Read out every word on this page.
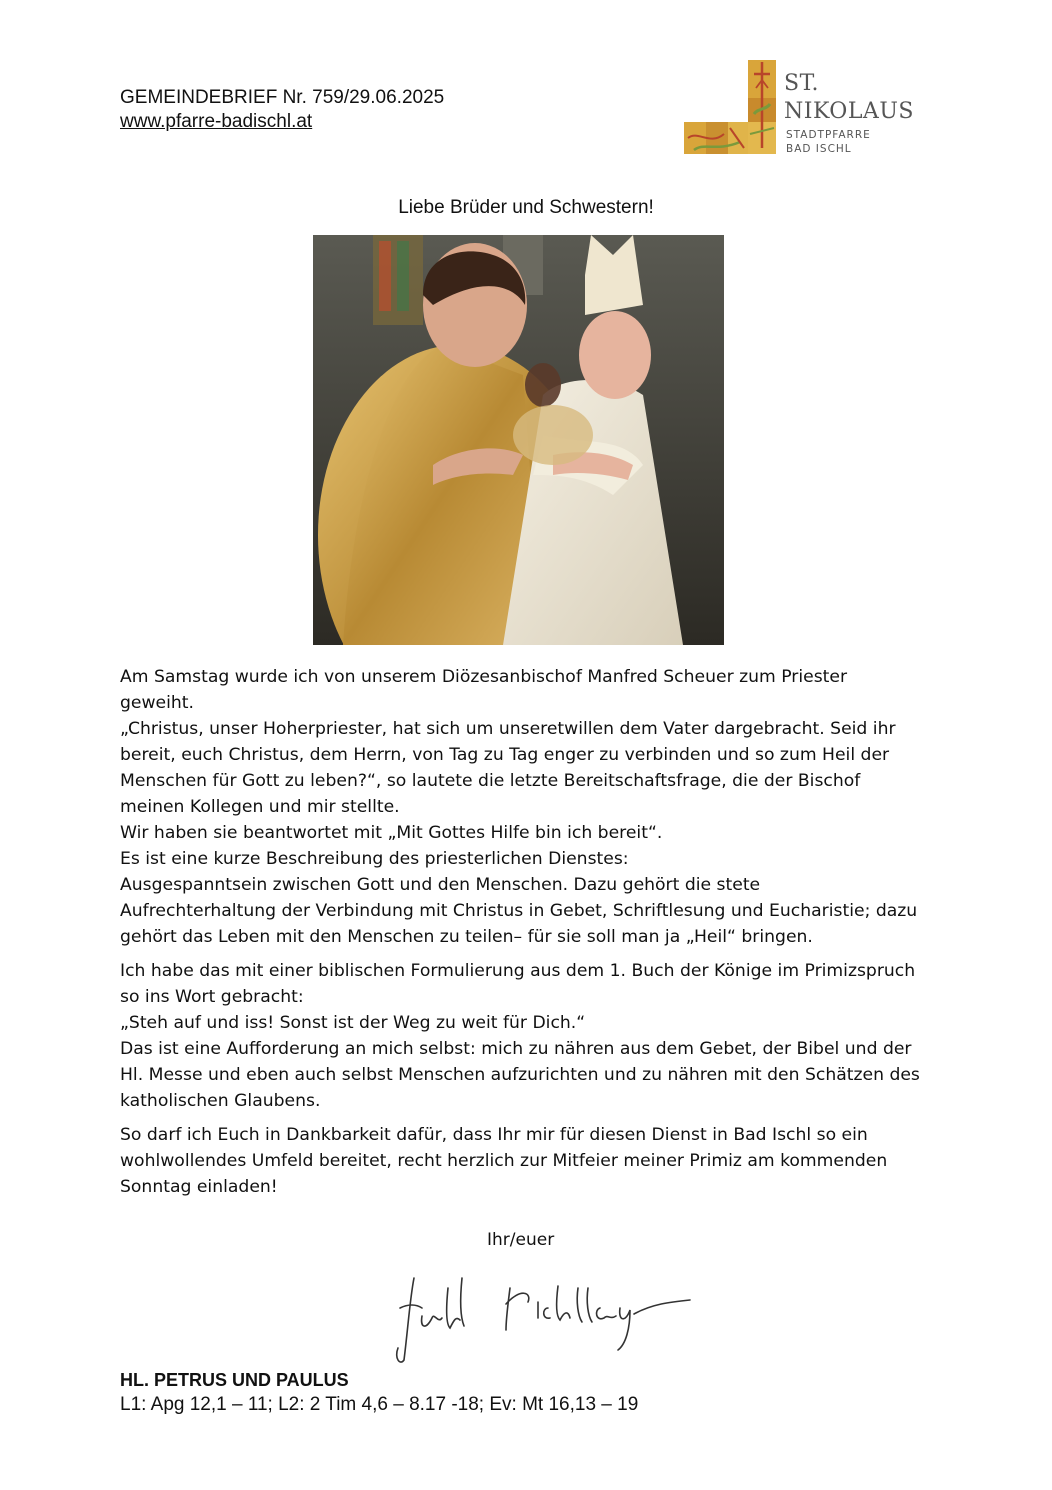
GEMEINDEBRIEF Nr. 759/29.06.2025
www.pfarre-badischl.at
ST.
NIKOLAUS
STADTPFARRE
BAD ISCHL
Liebe Brüder und Schwestern!

Am Samstag wurde ich von unserem Diözesanbischof Manfred Scheuer zum Priester
geweiht.
„Christus, unser Hoherpriester, hat sich um unseretwillen dem Vater dargebracht. Seid ihr
bereit, euch Christus, dem Herrn, von Tag zu Tag enger zu verbinden und so zum Heil der
Menschen für Gott zu leben?“, so lautete die letzte Bereitschaftsfrage, die der Bischof
meinen Kollegen und mir stellte.
Wir haben sie beantwortet mit „Mit Gottes Hilfe bin ich bereit“.
Es ist eine kurze Beschreibung des priesterlichen Dienstes:
Ausgespanntsein zwischen Gott und den Menschen. Dazu gehört die stete
Aufrechterhaltung der Verbindung mit Christus in Gebet, Schriftlesung und Eucharistie; dazu
gehört das Leben mit den Menschen zu teilen– für sie soll man ja „Heil“ bringen.

Ich habe das mit einer biblischen Formulierung aus dem 1. Buch der Könige im Primizspruch
so ins Wort gebracht:
„Steh auf und iss! Sonst ist der Weg zu weit für Dich.“
Das ist eine Aufforderung an mich selbst: mich zu nähren aus dem Gebet, der Bibel und der
Hl. Messe und eben auch selbst Menschen aufzurichten und zu nähren mit den Schätzen des
katholischen Glaubens.

So darf ich Euch in Dankbarkeit dafür, dass Ihr mir für diesen Dienst in Bad Ischl so ein
wohlwollendes Umfeld bereitet, recht herzlich zur Mitfeier meiner Primiz am kommenden
Sonntag einladen!

Ihr/euer
HL. PETRUS UND PAULUS
L1: Apg 12,1 – 11; L2: 2 Tim 4,6 – 8.17 -18; Ev: Mt 16,13 – 19
